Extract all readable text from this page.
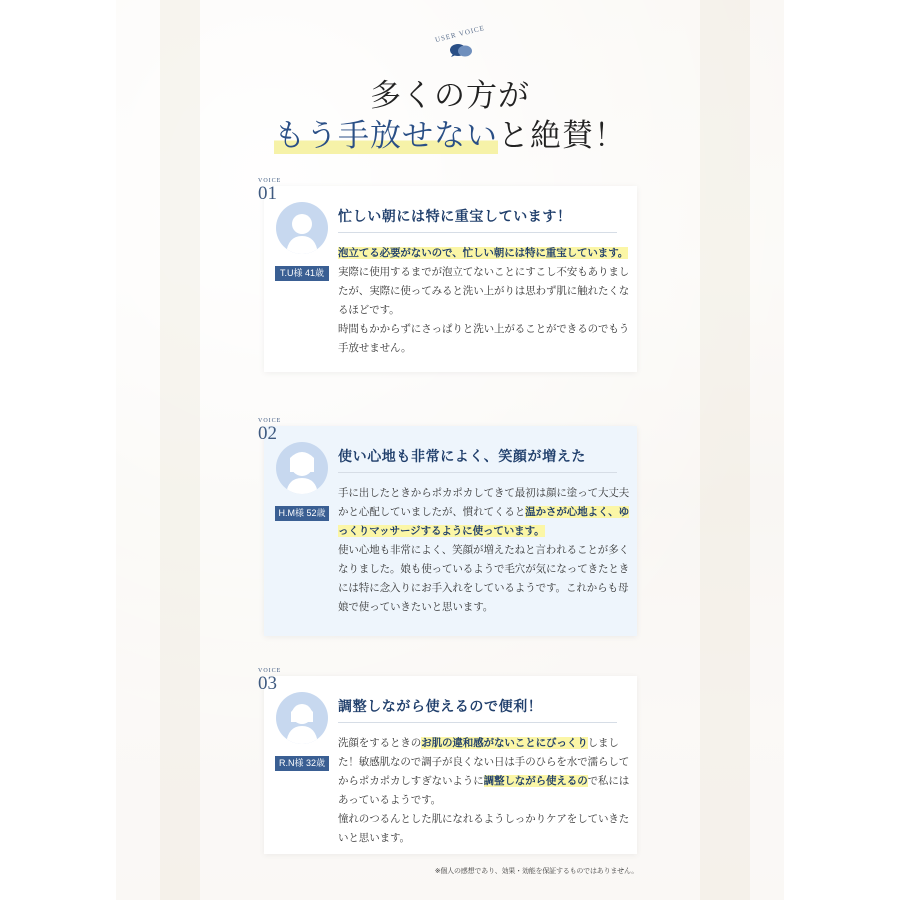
USER VOICE
多くの方が
もう手放せないと絶賛！
VOICE
01
T.U様 41歳
忙しい朝には特に重宝しています！
泡立てる必要がないので、忙しい朝には特に重宝しています。実際に使用するまでが泡立てないことにすこし不安もありましたが、実際に使ってみると洗い上がりは思わず肌に触れたくなるほどです。
時間もかからずにさっぱりと洗い上がることができるのでもう手放せません。
VOICE
02
H.M様 52歳
使い心地も非常によく、笑顔が増えた
手に出したときからポカポカしてきて最初は顔に塗って大丈夫かと心配していましたが、慣れてくると温かさが心地よく、ゆっくりマッサージするように使っています。
使い心地も非常によく、笑顔が増えたねと言われることが多くなりました。娘も使っているようで毛穴が気になってきたときには特に念入りにお手入れをしているようです。これからも母娘で使っていきたいと思います。
VOICE
03
R.N様 32歳
調整しながら使えるので便利！
洗顔をするときのお肌の違和感がないことにびっくりしました！敏感肌なので調子が良くない日は手のひらを水で濡らしてからポカポカしすぎないように調整しながら使えるので私にはあっているようです。
憧れのつるんとした肌になれるようしっかりケアをしていきたいと思います。
※個人の感想であり、効果・効能を保証するものではありません。
